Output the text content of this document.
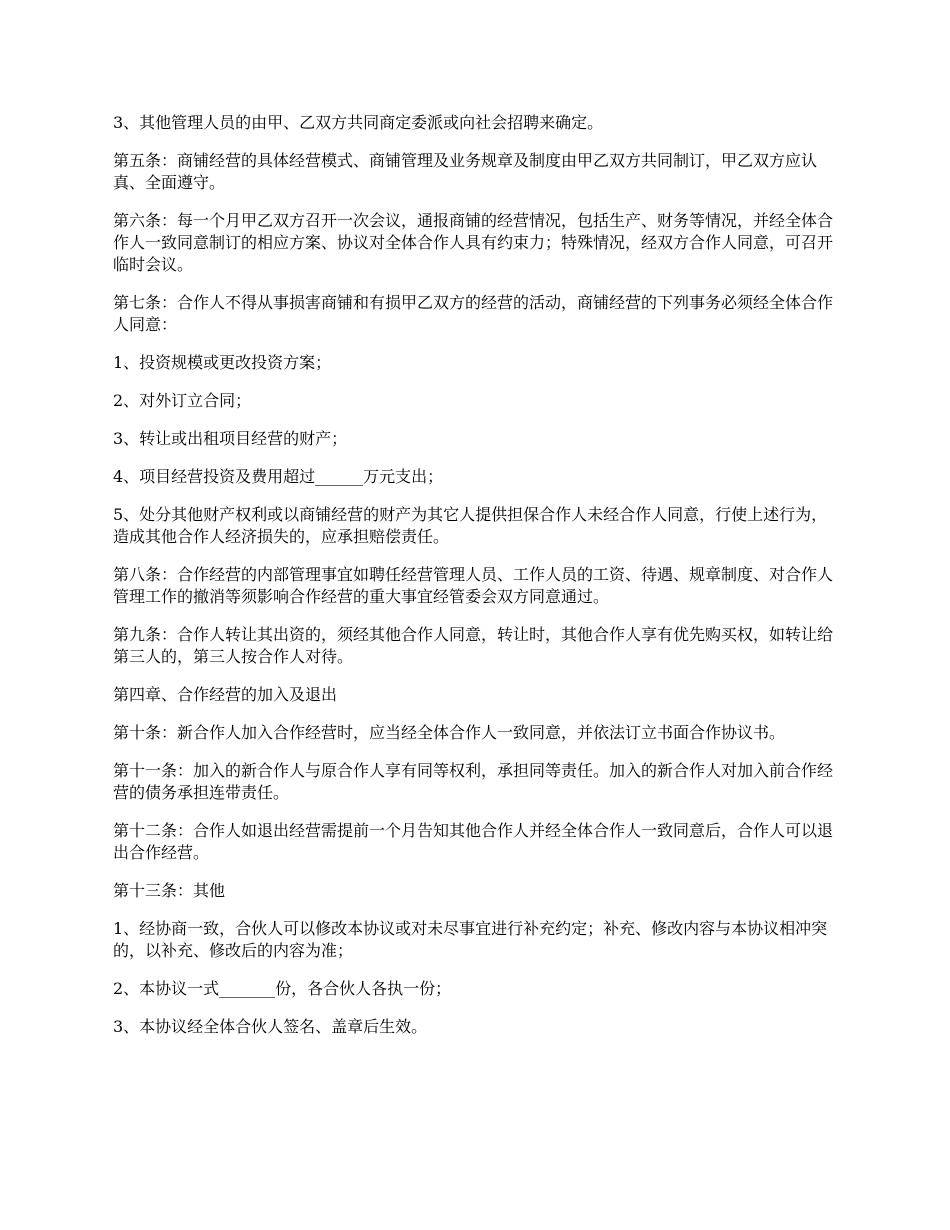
3、其他管理人员的由甲、乙双方共同商定委派或向社会招聘来确定。

第五条：商铺经营的具体经营模式、商铺管理及业务规章及制度由甲乙双方共同制订，甲乙双方应认真、全面遵守。

第六条：每一个月甲乙双方召开一次会议，通报商铺的经营情况，包括生产、财务等情况，并经全体合作人一致同意制订的相应方案、协议对全体合作人具有约束力；特殊情况，经双方合作人同意，可召开临时会议。

第七条：合作人不得从事损害商铺和有损甲乙双方的经营的活动，商铺经营的下列事务必须经全体合作人同意：

1、投资规模或更改投资方案；

2、对外订立合同；

3、转让或出租项目经营的财产；

4、项目经营投资及费用超过______万元支出；

5、处分其他财产权利或以商铺经营的财产为其它人提供担保合作人未经合作人同意，行使上述行为，造成其他合作人经济损失的，应承担赔偿责任。

第八条：合作经营的内部管理事宜如聘任经营管理人员、工作人员的工资、待遇、规章制度、对合作人管理工作的撤消等须影响合作经营的重大事宜经管委会双方同意通过。

第九条：合作人转让其出资的，须经其他合作人同意，转让时，其他合作人享有优先购买权，如转让给第三人的，第三人按合作人对待。

第四章、合作经营的加入及退出

第十条：新合作人加入合作经营时，应当经全体合作人一致同意，并依法订立书面合作协议书。

第十一条：加入的新合作人与原合作人享有同等权利，承担同等责任。加入的新合作人对加入前合作经营的债务承担连带责任。

第十二条：合作人如退出经营需提前一个月告知其他合作人并经全体合作人一致同意后，合作人可以退出合作经营。

第十三条：其他

1、经协商一致，合伙人可以修改本协议或对未尽事宜进行补充约定；补充、修改内容与本协议相冲突的，以补充、修改后的内容为准；

2、本协议一式_______份，各合伙人各执一份；

3、本协议经全体合伙人签名、盖章后生效。
